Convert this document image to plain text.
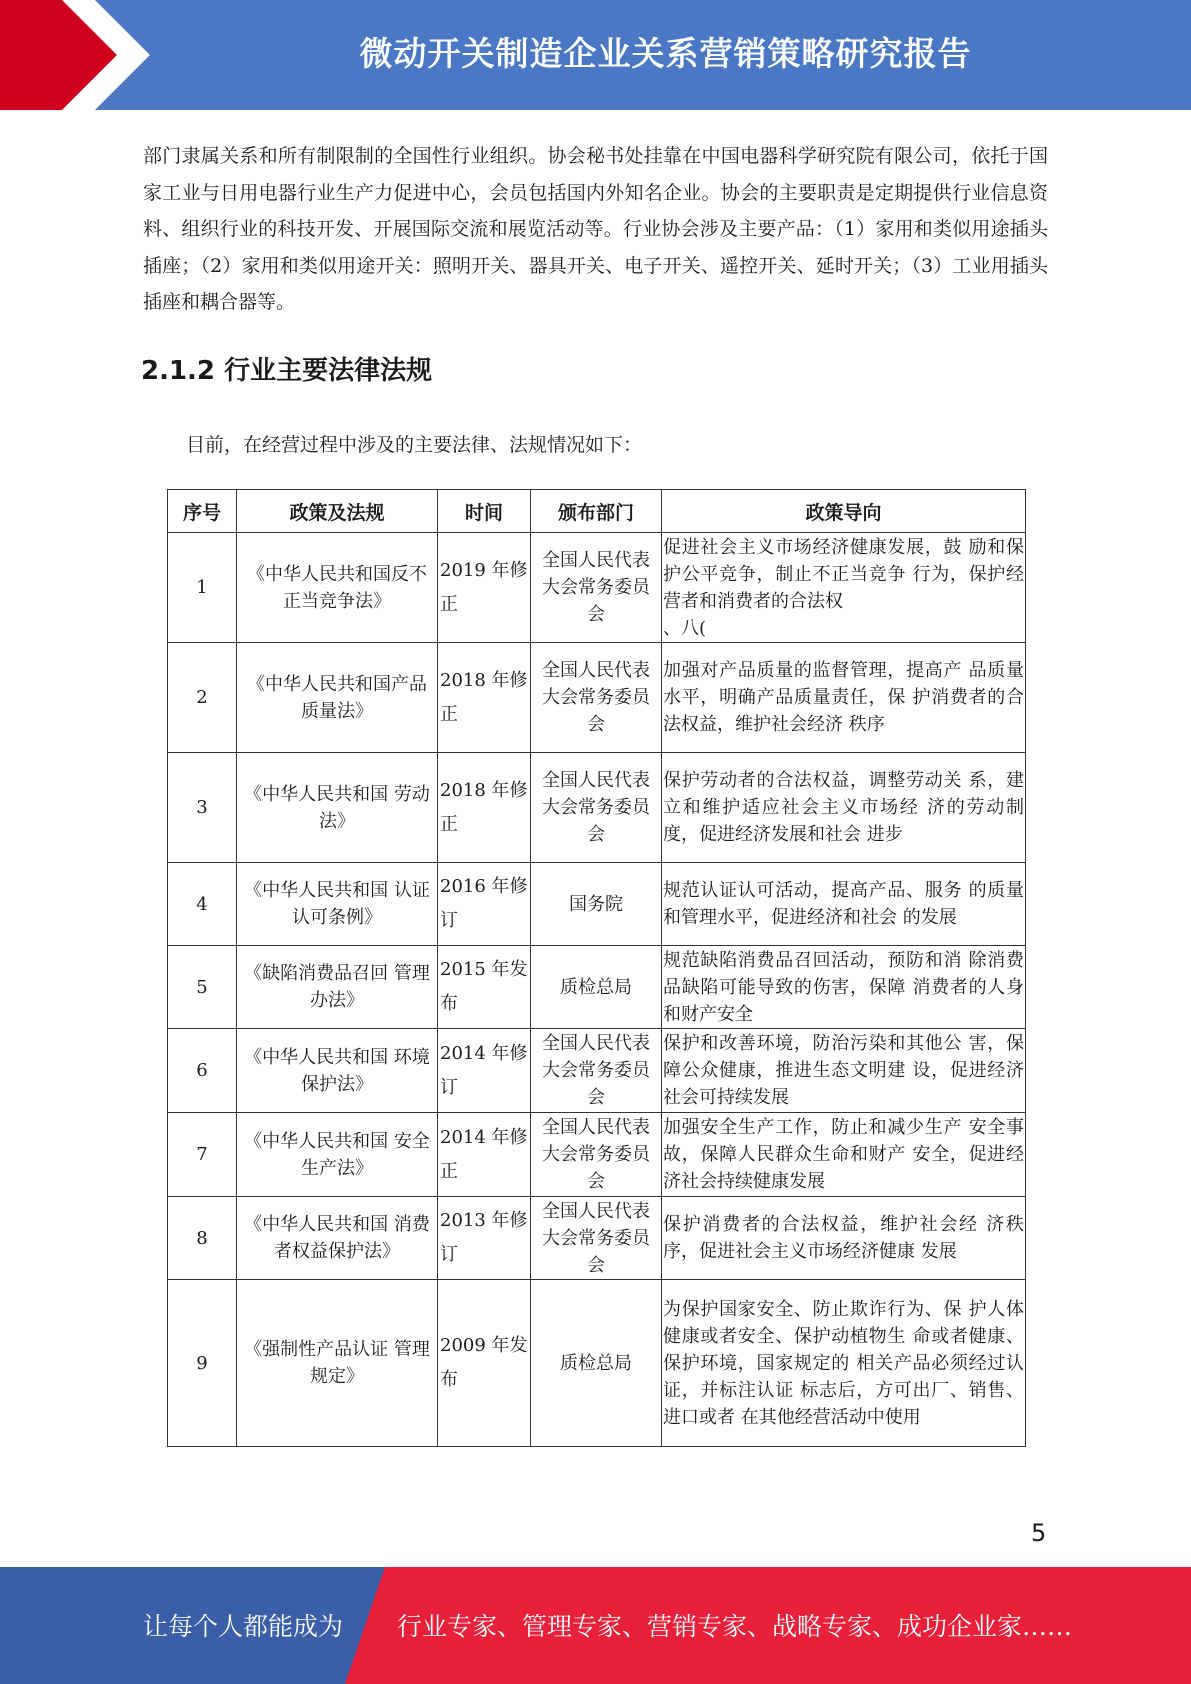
微动开关制造企业关系营销策略研究报告
部门隶属关系和所有制限制的全国性行业组织。协会秘书处挂靠在中国电器科学研究院有限公司，依托于国家工业与日用电器行业生产力促进中心，会员包括国内外知名企业。协会的主要职责是定期提供行业信息资料、组织行业的科技开发、开展国际交流和展览活动等。行业协会涉及主要产品：（1）家用和类似用途插头插座；（2）家用和类似用途开关：照明开关、器具开关、电子开关、遥控开关、延时开关；（3）工业用插头插座和耦合器等。
2.1.2 行业主要法律法规
目前，在经营过程中涉及的主要法律、法规情况如下：
序号	政策及法规	时间	颁布部门	政策导向
1	《中华人民共和国反不正当竞争法》	2019 年修正	全国人民代表大会常务委员会	促进社会主义市场经济健康发展，鼓 励和保护公平竞争，制止不正当竞争 行为，保护经营者和消费者的合法权
、八(

2	《中华人民共和国产品质量法》	2018 年修正	全国人民代表大会常务委员会	加强对产品质量的监督管理，提高产 品质量水平，明确产品质量责任，保 护消费者的合法权益，维护社会经济 秩序
3	《中华人民共和国 劳动法》	2018 年修正	全国人民代表大会常务委员会	保护劳动者的合法权益，调整劳动关 系，建立和维护适应社会主义市场经 济的劳动制度，促进经济发展和社会 进步
4	《中华人民共和国 认证认可条例》	2016 年修订	国务院	规范认证认可活动，提高产品、服务 的质量和管理水平，促进经济和社会 的发展
5	《缺陷消费品召回 管理办法》	2015 年发布	质检总局	规范缺陷消费品召回活动，预防和消 除消费品缺陷可能导致的伤害，保障 消费者的人身和财产安全
6	《中华人民共和国 环境保护法》	2014 年修订	全国人民代表大会常务委员会	保护和改善环境，防治污染和其他公 害，保障公众健康，推进生态文明建 设，促进经济社会可持续发展
7	《中华人民共和国 安全生产法》	2014 年修正	全国人民代表大会常务委员会	加强安全生产工作，防止和减少生产 安全事故，保障人民群众生命和财产 安全，促进经济社会持续健康发展
8	《中华人民共和国 消费者权益保护法》	2013 年修订	全国人民代表大会常务委员会	保护消费者的合法权益，维护社会经 济秩序，促进社会主义市场经济健康 发展
9	《强制性产品认证 管理规定》	2009 年发布	质检总局	为保护国家安全、防止欺诈行为、保 护人体健康或者安全、保护动植物生 命或者健康、保护环境，国家规定的 相关产品必须经过认证，并标注认证 标志后，方可出厂、销售、进口或者 在其他经营活动中使用
5
让每个人都能成为 行业专家、管理专家、营销专家、战略专家、成功企业家……
